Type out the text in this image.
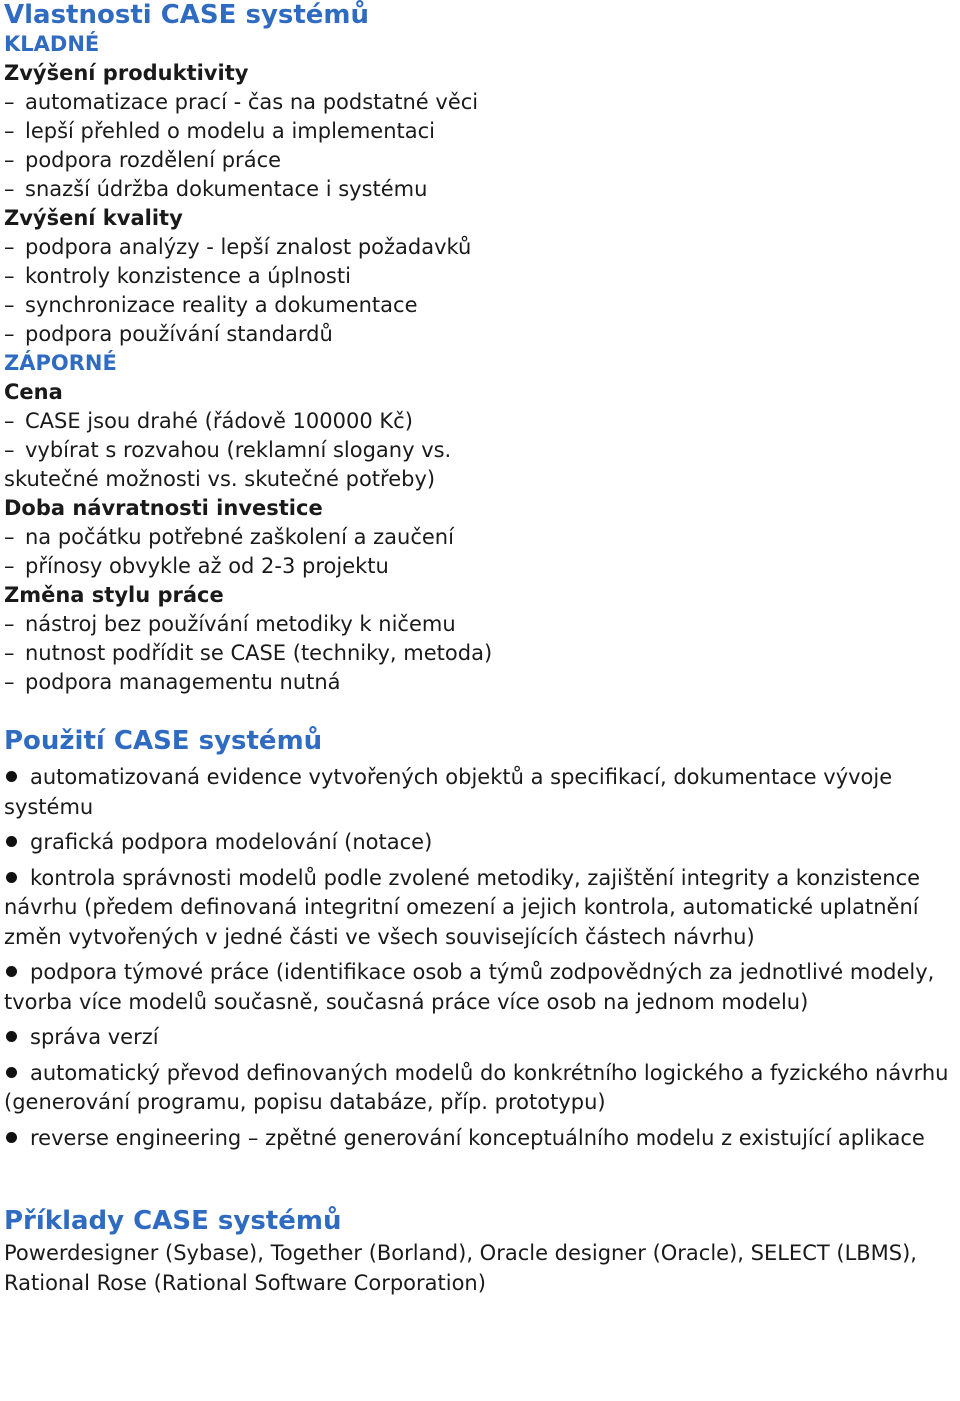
Vlastnosti CASE systémů
KLADNÉ
Zvýšení produktivity
– automatizace prací - čas na podstatné věci
– lepší přehled o modelu a implementaci
– podpora rozdělení práce
– snazší údržba dokumentace i systému
Zvýšení kvality
– podpora analýzy - lepší znalost požadavků
– kontroly konzistence a úplnosti
– synchronizace reality a dokumentace
– podpora používání standardů
ZÁPORNÉ
Cena
– CASE jsou drahé (řádově 100000 Kč)
– vybírat s rozvahou (reklamní slogany vs. skutečné možnosti vs. skutečné potřeby)
Doba návratnosti investice
– na počátku potřebné zaškolení a zaučení
– přínosy obvykle až od 2-3 projektu
Změna stylu práce
– nástroj bez používání metodiky k ničemu
– nutnost podřídit se CASE (techniky, metoda)
– podpora managementu nutná
Použití CASE systémů
automatizovaná evidence vytvořených objektů a specifikací, dokumentace vývoje systému
grafická podpora modelování (notace)
kontrola správnosti modelů podle zvolené metodiky, zajištění integrity a konzistence návrhu (předem definovaná integritní omezení a jejich kontrola, automatické uplatnění změn vytvořených v jedné části ve všech souvisejících částech návrhu)
podpora týmové práce (identifikace osob a týmů zodpovědných za jednotlivé modely, tvorba více modelů současně, současná práce více osob na jednom modelu)
správa verzí
automatický převod definovaných modelů do konkrétního logického a fyzického návrhu (generování programu, popisu databáze, příp. prototypu)
reverse engineering – zpětné generování konceptuálního modelu z existující aplikace
Příklady CASE systémů

Powerdesigner (Sybase), Together (Borland), Oracle designer (Oracle), SELECT (LBMS), Rational Rose (Rational Software Corporation)
